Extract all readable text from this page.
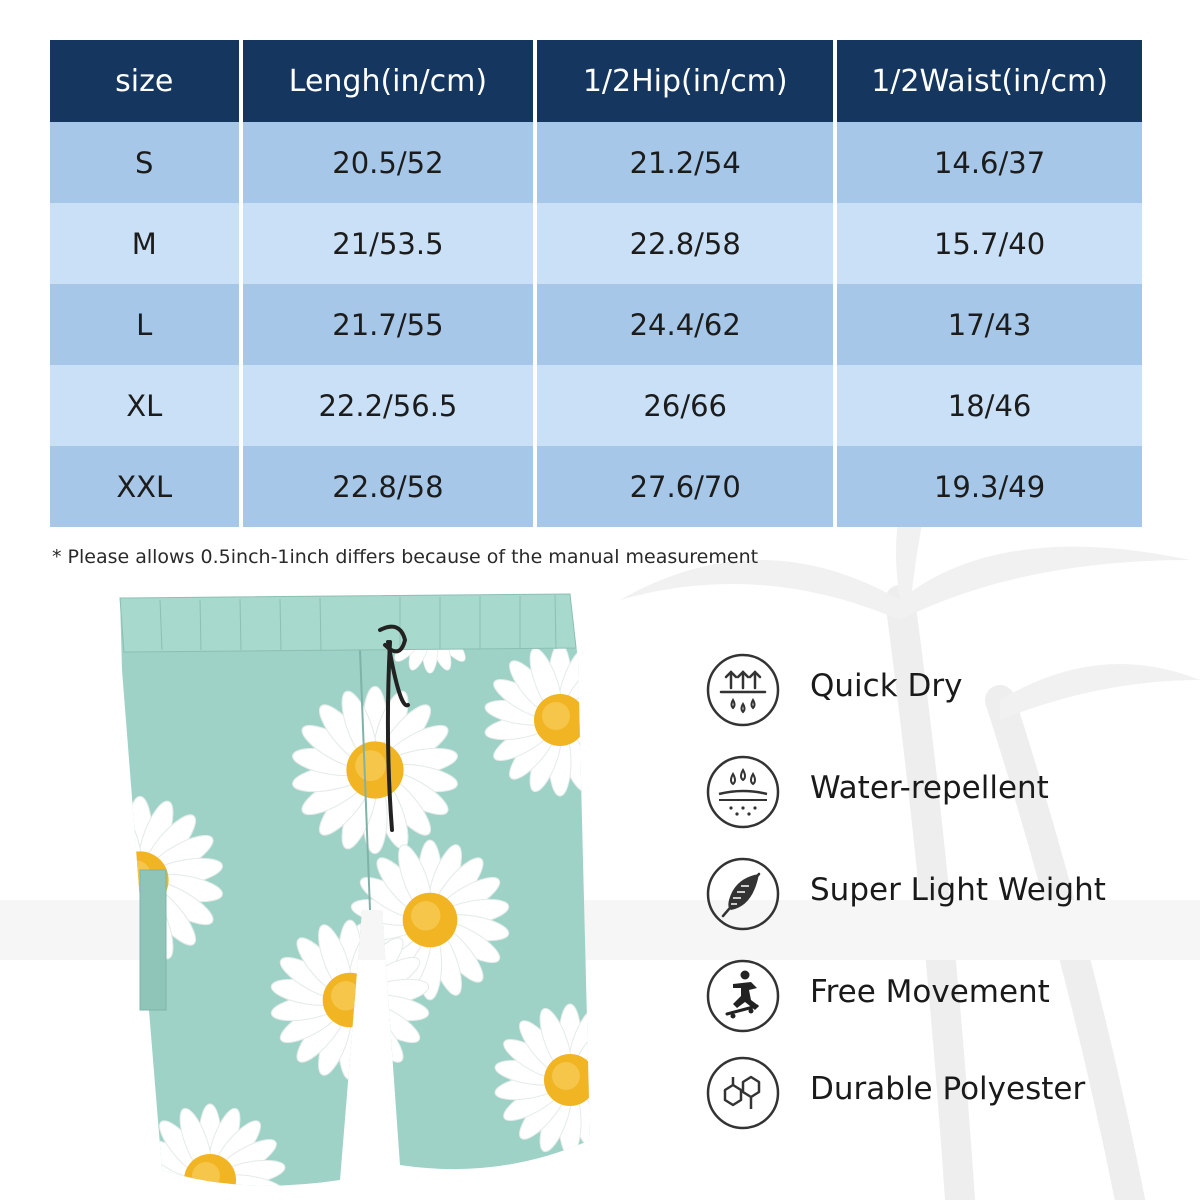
size	Lengh(in/cm)	1/2Hip(in/cm)	1/2Waist(in/cm)
S	20.5/52	21.2/54	14.6/37
M	21/53.5	22.8/58	15.7/40
L	21.7/55	24.4/62	17/43
XL	22.2/56.5	26/66	18/46
XXL	22.8/58	27.6/70	19.3/49
* Please allows 0.5inch-1inch differs because of the manual measurement
Quick Dry
Water-repellent
Super Light Weight
Free Movement
Durable Polyester
